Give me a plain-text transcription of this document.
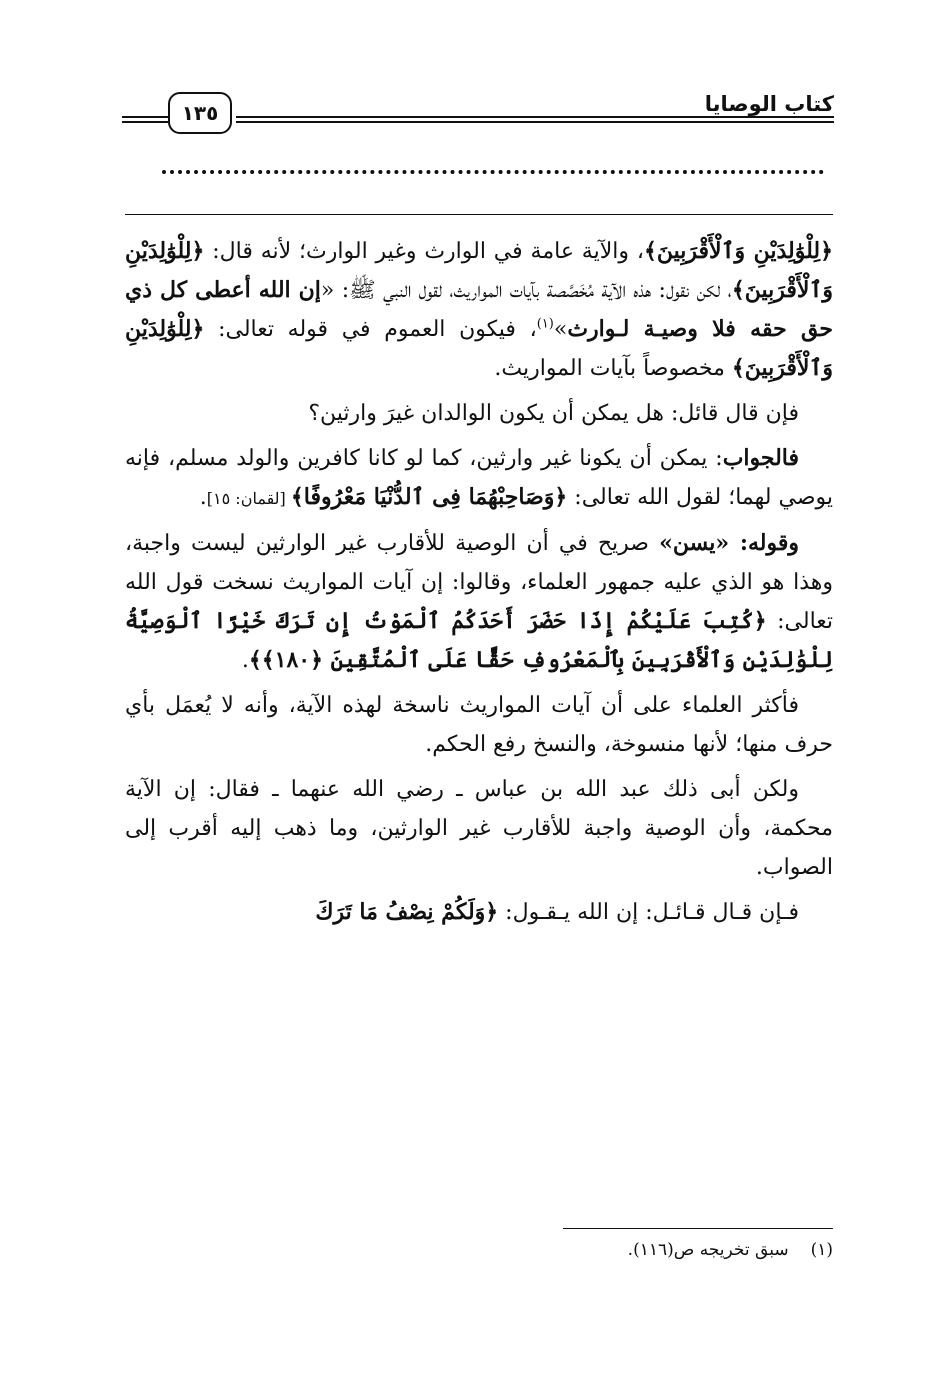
كتاب الوصايا
١٣٥

﴿لِلْوَٰلِدَيْنِ وَٱلْأَقْرَبِينَ﴾، والآية عامة في الوارث وغير الوارث؛ لأنه قال: ﴿لِلْوَٰلِدَيْنِ وَٱلْأَقْرَبِينَ﴾، لكن نقول: هذه الآية مُخَصَّصة بآيات المواريث، لقول النبي ﷺ: «إن الله أعطى كل ذي حق حقه فلا وصيـة لـوارث»$^{(١)}$، فيكون العموم في قوله تعالى: ﴿لِلْوَٰلِدَيْنِ وَٱلْأَقْرَبِينَ﴾ مخصوصاً بآيات المواريث.

فإن قال قائل: هل يمكن أن يكون الوالدان غيرَ وارثين؟

فالجواب: يمكن أن يكونا غير وارثين، كما لو كانا كافرين والولد مسلم، فإنه يوصي لهما؛ لقول الله تعالى: ﴿وَصَاحِبْهُمَا فِى ٱلدُّنْيَا مَعْرُوفًا﴾ [لقمان: ١٥].

وقوله: «يسن» صريح في أن الوصية للأقارب غير الوارثين ليست واجبة، وهذا هو الذي عليه جمهور العلماء، وقالوا: إن آيات المواريث نسخت قول الله تعالى: ﴿كُتِبَ عَلَيْكُمْ إِذَا حَضَرَ أَحَدَكُمُ ٱلْمَوْتُ إِن تَرَكَ خَيْرًا ٱلْوَصِيَّةُ لِلْوَٰلِدَيْنِ وَٱلْأَقْرَبِينَ بِٱلْمَعْرُوفِ حَقًّا عَلَى ٱلْمُتَّقِينَ ﴿١٨٠﴾﴾.

فأكثر العلماء على أن آيات المواريث ناسخة لهذه الآية، وأنه لا يُعمَل بأي حرف منها؛ لأنها منسوخة، والنسخ رفع الحكم.

ولكن أبى ذلك عبد الله بن عباس ـ رضي الله عنهما ـ فقال: إن الآية محكمة، وأن الوصية واجبة للأقارب غير الوارثين، وما ذهب إليه أقرب إلى الصواب.

فـإن قـال قـائـل: إن الله يـقـول: ﴿وَلَكُمْ نِصْفُ مَا تَرَكَ

(١)سبق تخريجه ص(١١٦).
